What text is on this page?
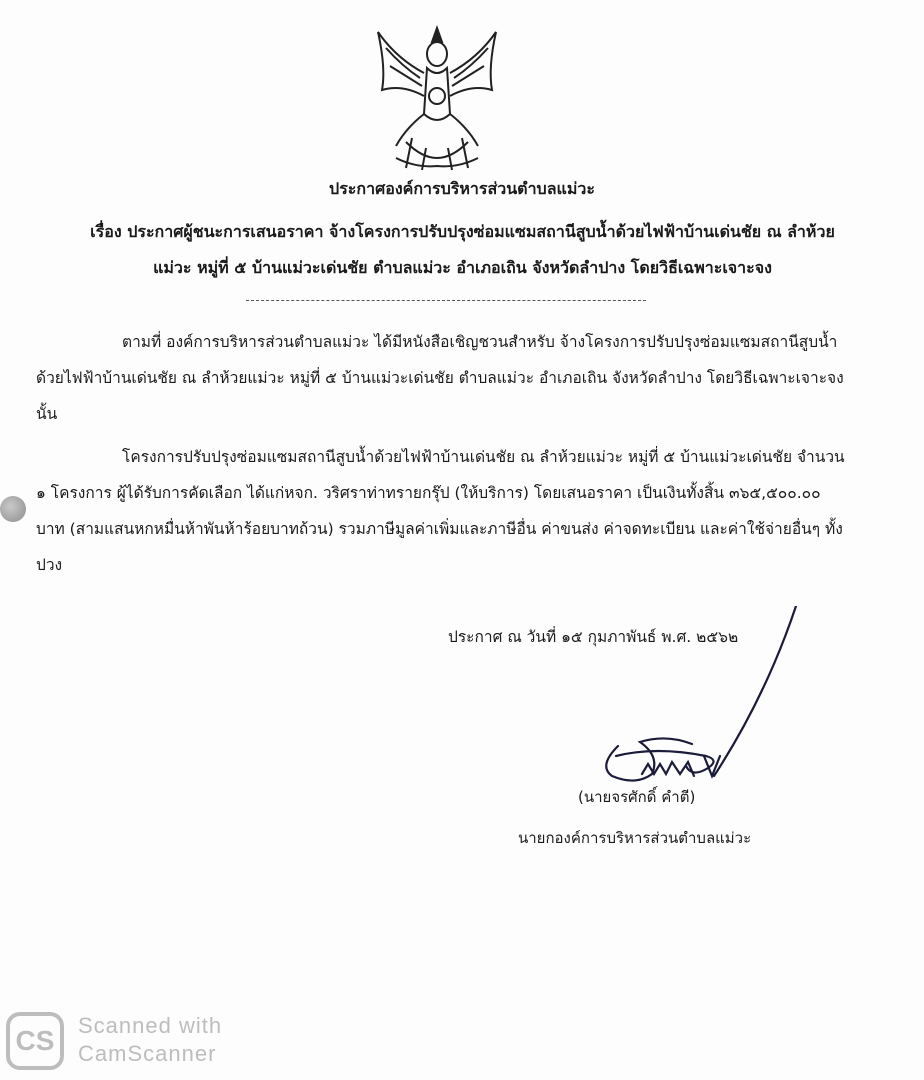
ประกาศองค์การบริหารส่วนตำบลแม่วะ
เรื่อง ประกาศผู้ชนะการเสนอราคา จ้างโครงการปรับปรุงซ่อมแซมสถานีสูบน้ำด้วยไฟฟ้าบ้านเด่นชัย ณ ลำห้วย
แม่วะ หมู่ที่ ๕ บ้านแม่วะเด่นชัย ตำบลแม่วะ อำเภอเถิน จังหวัดลำปาง โดยวิธีเฉพาะเจาะจง
ตามที่ องค์การบริหารส่วนตำบลแม่วะ ได้มีหนังสือเชิญชวนสำหรับ จ้างโครงการปรับปรุงซ่อมแซมสถานีสูบน้ำด้วยไฟฟ้าบ้านเด่นชัย ณ ลำห้วยแม่วะ หมู่ที่ ๕ บ้านแม่วะเด่นชัย ตำบลแม่วะ อำเภอเถิน จังหวัดลำปาง โดยวิธีเฉพาะเจาะจง นั้น
โครงการปรับปรุงซ่อมแซมสถานีสูบน้ำด้วยไฟฟ้าบ้านเด่นชัย ณ ลำห้วยแม่วะ หมู่ที่ ๕ บ้านแม่วะเด่นชัย จำนวน ๑ โครงการ ผู้ได้รับการคัดเลือก ได้แก่หจก. วริศราท่าทรายกรุ๊ป (ให้บริการ) โดยเสนอราคา เป็นเงินทั้งสิ้น ๓๖๕,๕๐๐.๐๐ บาท (สามแสนหกหมื่นห้าพันห้าร้อยบาทถ้วน) รวมภาษีมูลค่าเพิ่มและภาษีอื่น ค่าขนส่ง ค่าจดทะเบียน และค่าใช้จ่ายอื่นๆ ทั้งปวง
ประกาศ ณ วันที่ ๑๕ กุมภาพันธ์ พ.ศ. ๒๕๖๒
(นายจรศักดิ์ คำตี)
นายกองค์การบริหารส่วนตำบลแม่วะ
CS Scanned with
CamScanner
